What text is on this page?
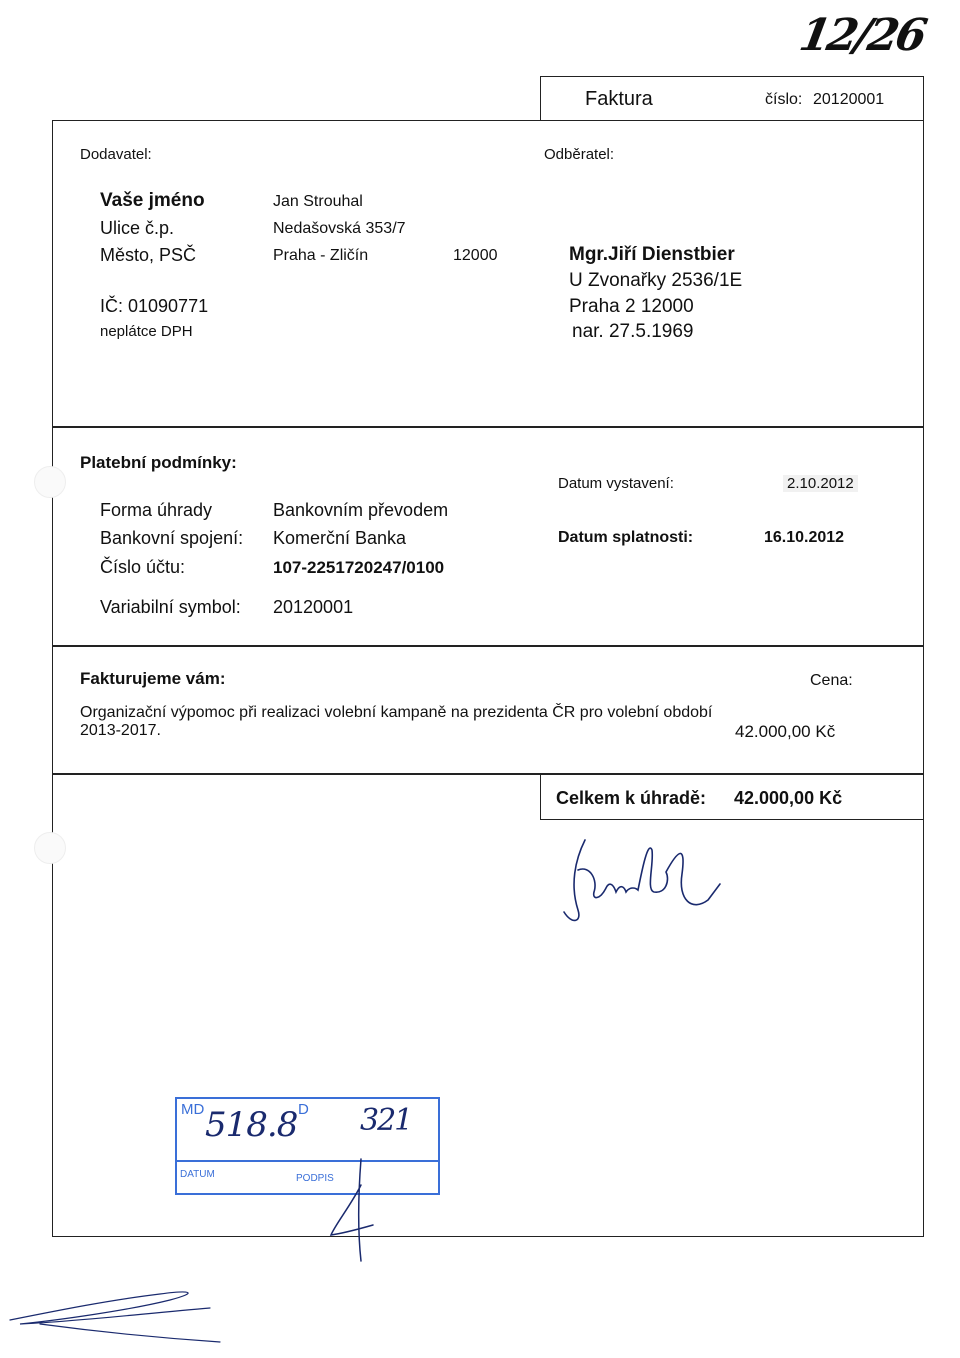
12/26
Faktura	číslo: 20120001
Dodavatel:
Vaše jméno	Jan Strouhal
Ulice č.p.	Nedašovská 353/7
Město, PSČ	Praha - Zličín	12000
IČ: 01090771
neplátce DPH
Odběratel:
Mgr.Jiří Dienstbier
U Zvonařky 2536/1E
Praha 2 12000
nar. 27.5.1969
Platební podmínky:
Forma úhrady	Bankovním převodem
Bankovní spojení: Komerční Banka
Číslo účtu:	107-2251720247/0100
Variabilní symbol: 20120001
Datum vystavení:	2.10.2012
Datum splatnosti:	16.10.2012
Fakturujeme vám:	Cena:
Organizační výpomoc při realizaci volební kampaně na prezidenta ČR pro volební období
2013-2017.	42.000,00 Kč
Celkem k úhradě: 42.000,00 Kč
MD 518.8 D 321
DATUM	PODPIS
